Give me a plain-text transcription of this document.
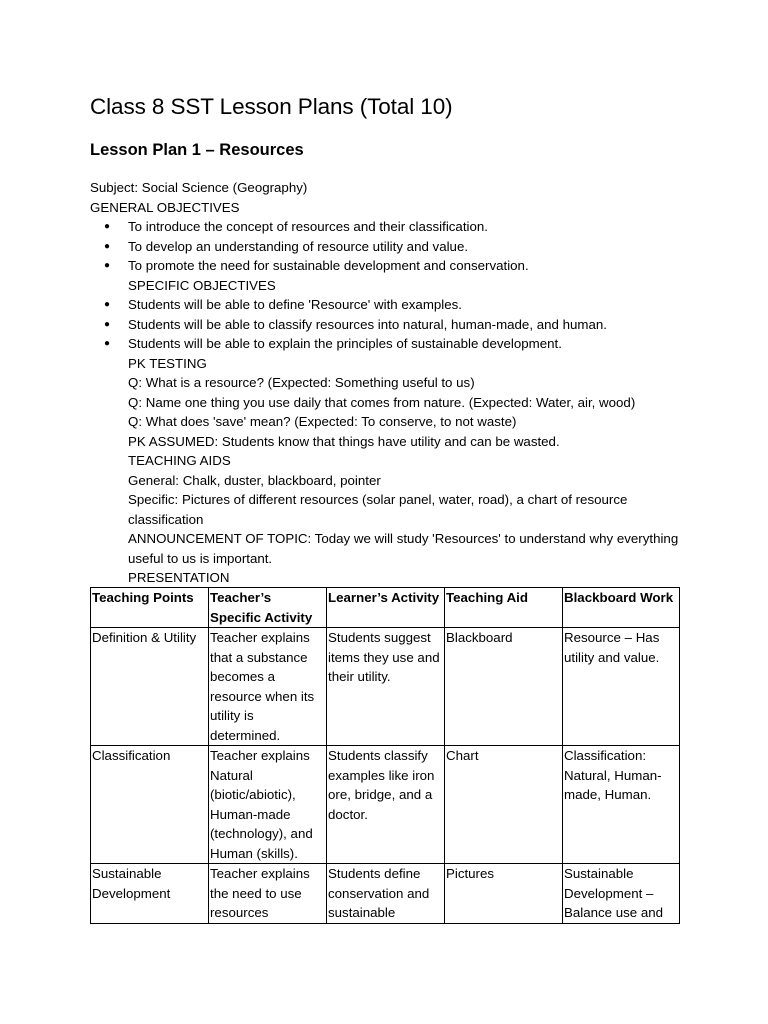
Class 8 SST Lesson Plans (Total 10)
Lesson Plan 1 – Resources
Subject: Social Science (Geography)
GENERAL OBJECTIVES
● To introduce the concept of resources and their classification.
● To develop an understanding of resource utility and value.
● To promote the need for sustainable development and conservation.
SPECIFIC OBJECTIVES
● Students will be able to define 'Resource' with examples.
● Students will be able to classify resources into natural, human-made, and human.
● Students will be able to explain the principles of sustainable development.
PK TESTING
Q: What is a resource? (Expected: Something useful to us)
Q: Name one thing you use daily that comes from nature. (Expected: Water, air, wood)
Q: What does 'save' mean? (Expected: To conserve, to not waste)
PK ASSUMED: Students know that things have utility and can be wasted.
TEACHING AIDS
General: Chalk, duster, blackboard, pointer
Specific: Pictures of different resources (solar panel, water, road), a chart of resource classification
ANNOUNCEMENT OF TOPIC: Today we will study 'Resources' to understand why everything useful to us is important.
PRESENTATION
Teaching Points	Teacher’s Specific Activity	Learner’s Activity	Teaching Aid	Blackboard Work
Definition & Utility	Teacher explains that a substance becomes a resource when its utility is determined.	Students suggest items they use and their utility.	Blackboard	Resource – Has utility and value.
Classification	Teacher explains Natural (biotic/abiotic), Human-made (technology), and Human (skills).	Students classify examples like iron ore, bridge, and a doctor.	Chart	Classification: Natural, Human-made, Human.
Sustainable Development	Teacher explains the need to use resources	Students define conservation and sustainable	Pictures	Sustainable Development – Balance use and
